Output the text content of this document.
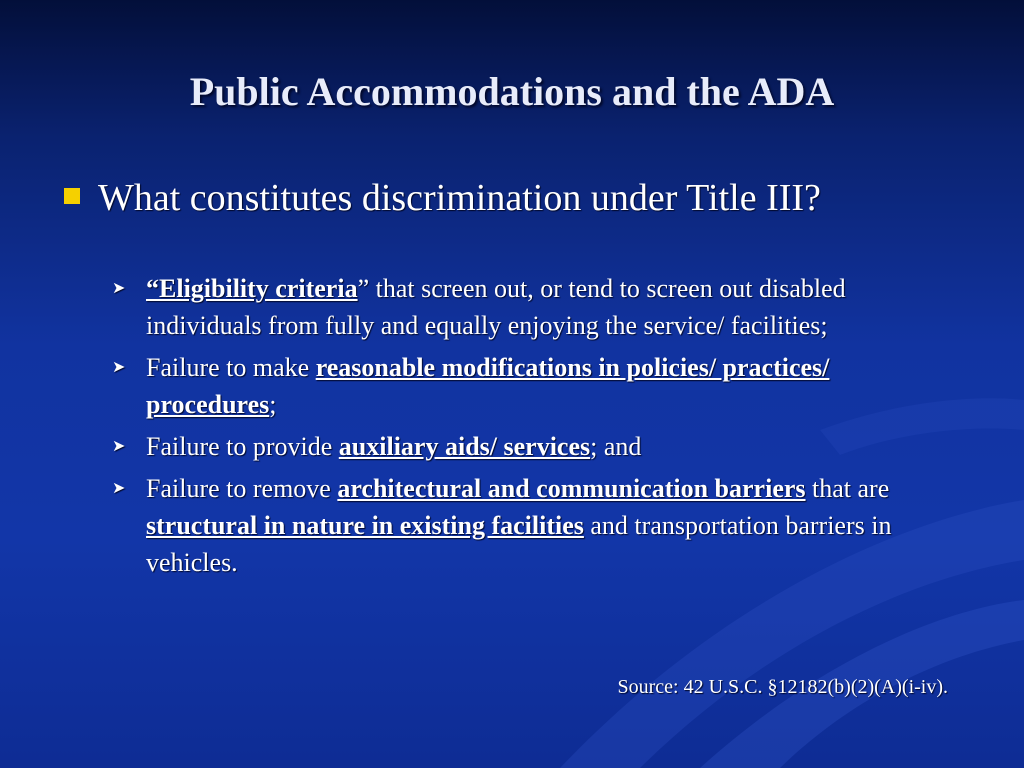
Public Accommodations and the ADA
What constitutes discrimination under Title III?
➤ “Eligibility criteria” that screen out, or tend to screen out disabled individuals from fully and equally enjoying the service/ facilities;
➤ Failure to make reasonable modifications in policies/ practices/ procedures;
➤ Failure to provide auxiliary aids/ services; and
➤ Failure to remove architectural and communication barriers that are structural in nature in existing facilities and transportation barriers in vehicles.
Source: 42 U.S.C. §12182(b)(2)(A)(i-iv).
